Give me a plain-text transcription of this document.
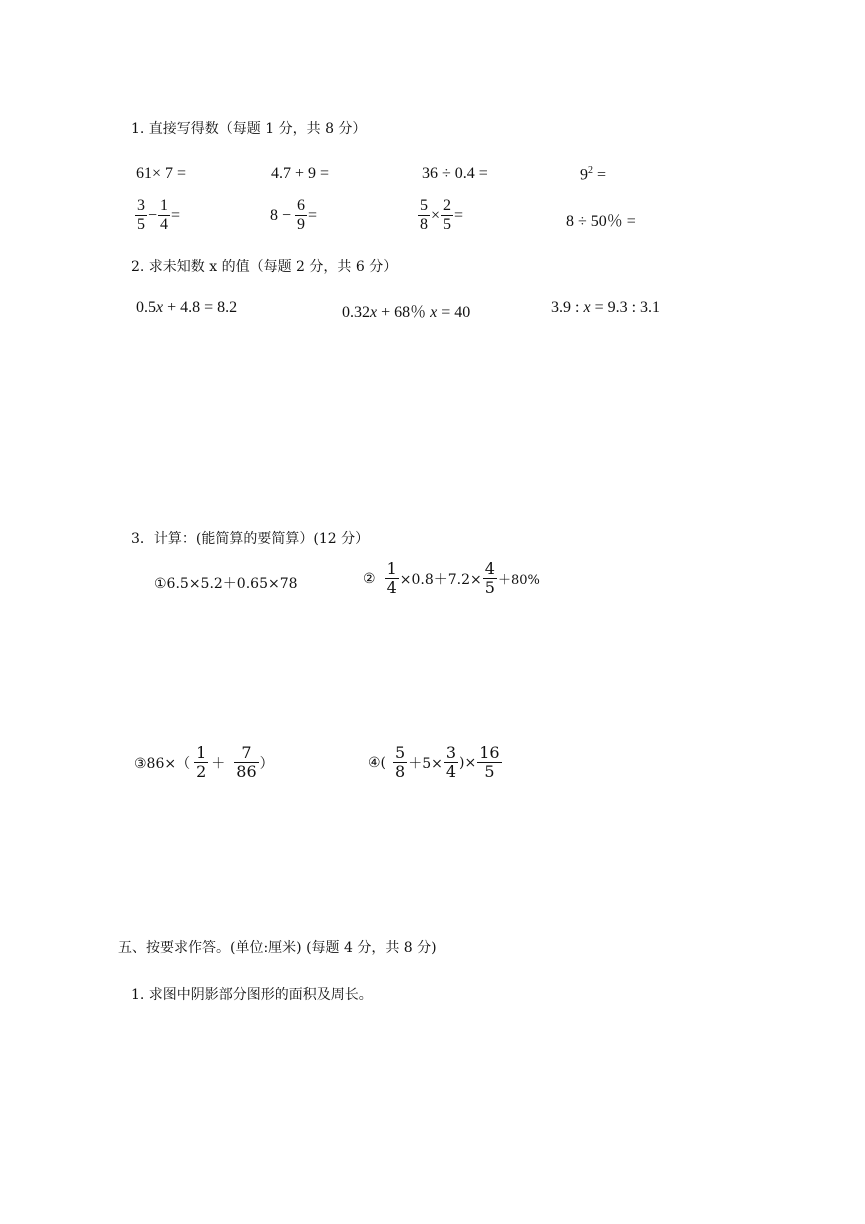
1. 直接写得数（每题 1 分，共 8 分）
61× 7 =	4.7 + 9 =	36 ÷ 0.4 =	$9^2$ =
$\frac{3}{5} - \frac{1}{4}$ =	$8 - \frac{6}{9}$ =	$\frac{5}{8} \times \frac{2}{5}$ =	8 ÷ 50％ =
2. 求未知数 x 的值（每题 2 分，共 6 分）
0.5x + 4.8 = 8.2	0.32x + 68％ x = 40	3.9 : x = 9.3 : 3.1
3．计算：(能简算的要简算）(12 分）
①6.5×5.2＋0.65×78	② $\frac{1}{4} \times 0.8+7.2\times \frac{4}{5} +80\%$
③86×（ $\frac{1}{2} + \frac{7}{86}$ ）	④( $\frac{5}{8} +5\times \frac{3}{4}$ )× $\frac{16}{5}$
五、按要求作答。(单位:厘米) (每题 4 分，共 8 分)
1. 求图中阴影部分图形的面积及周长。
